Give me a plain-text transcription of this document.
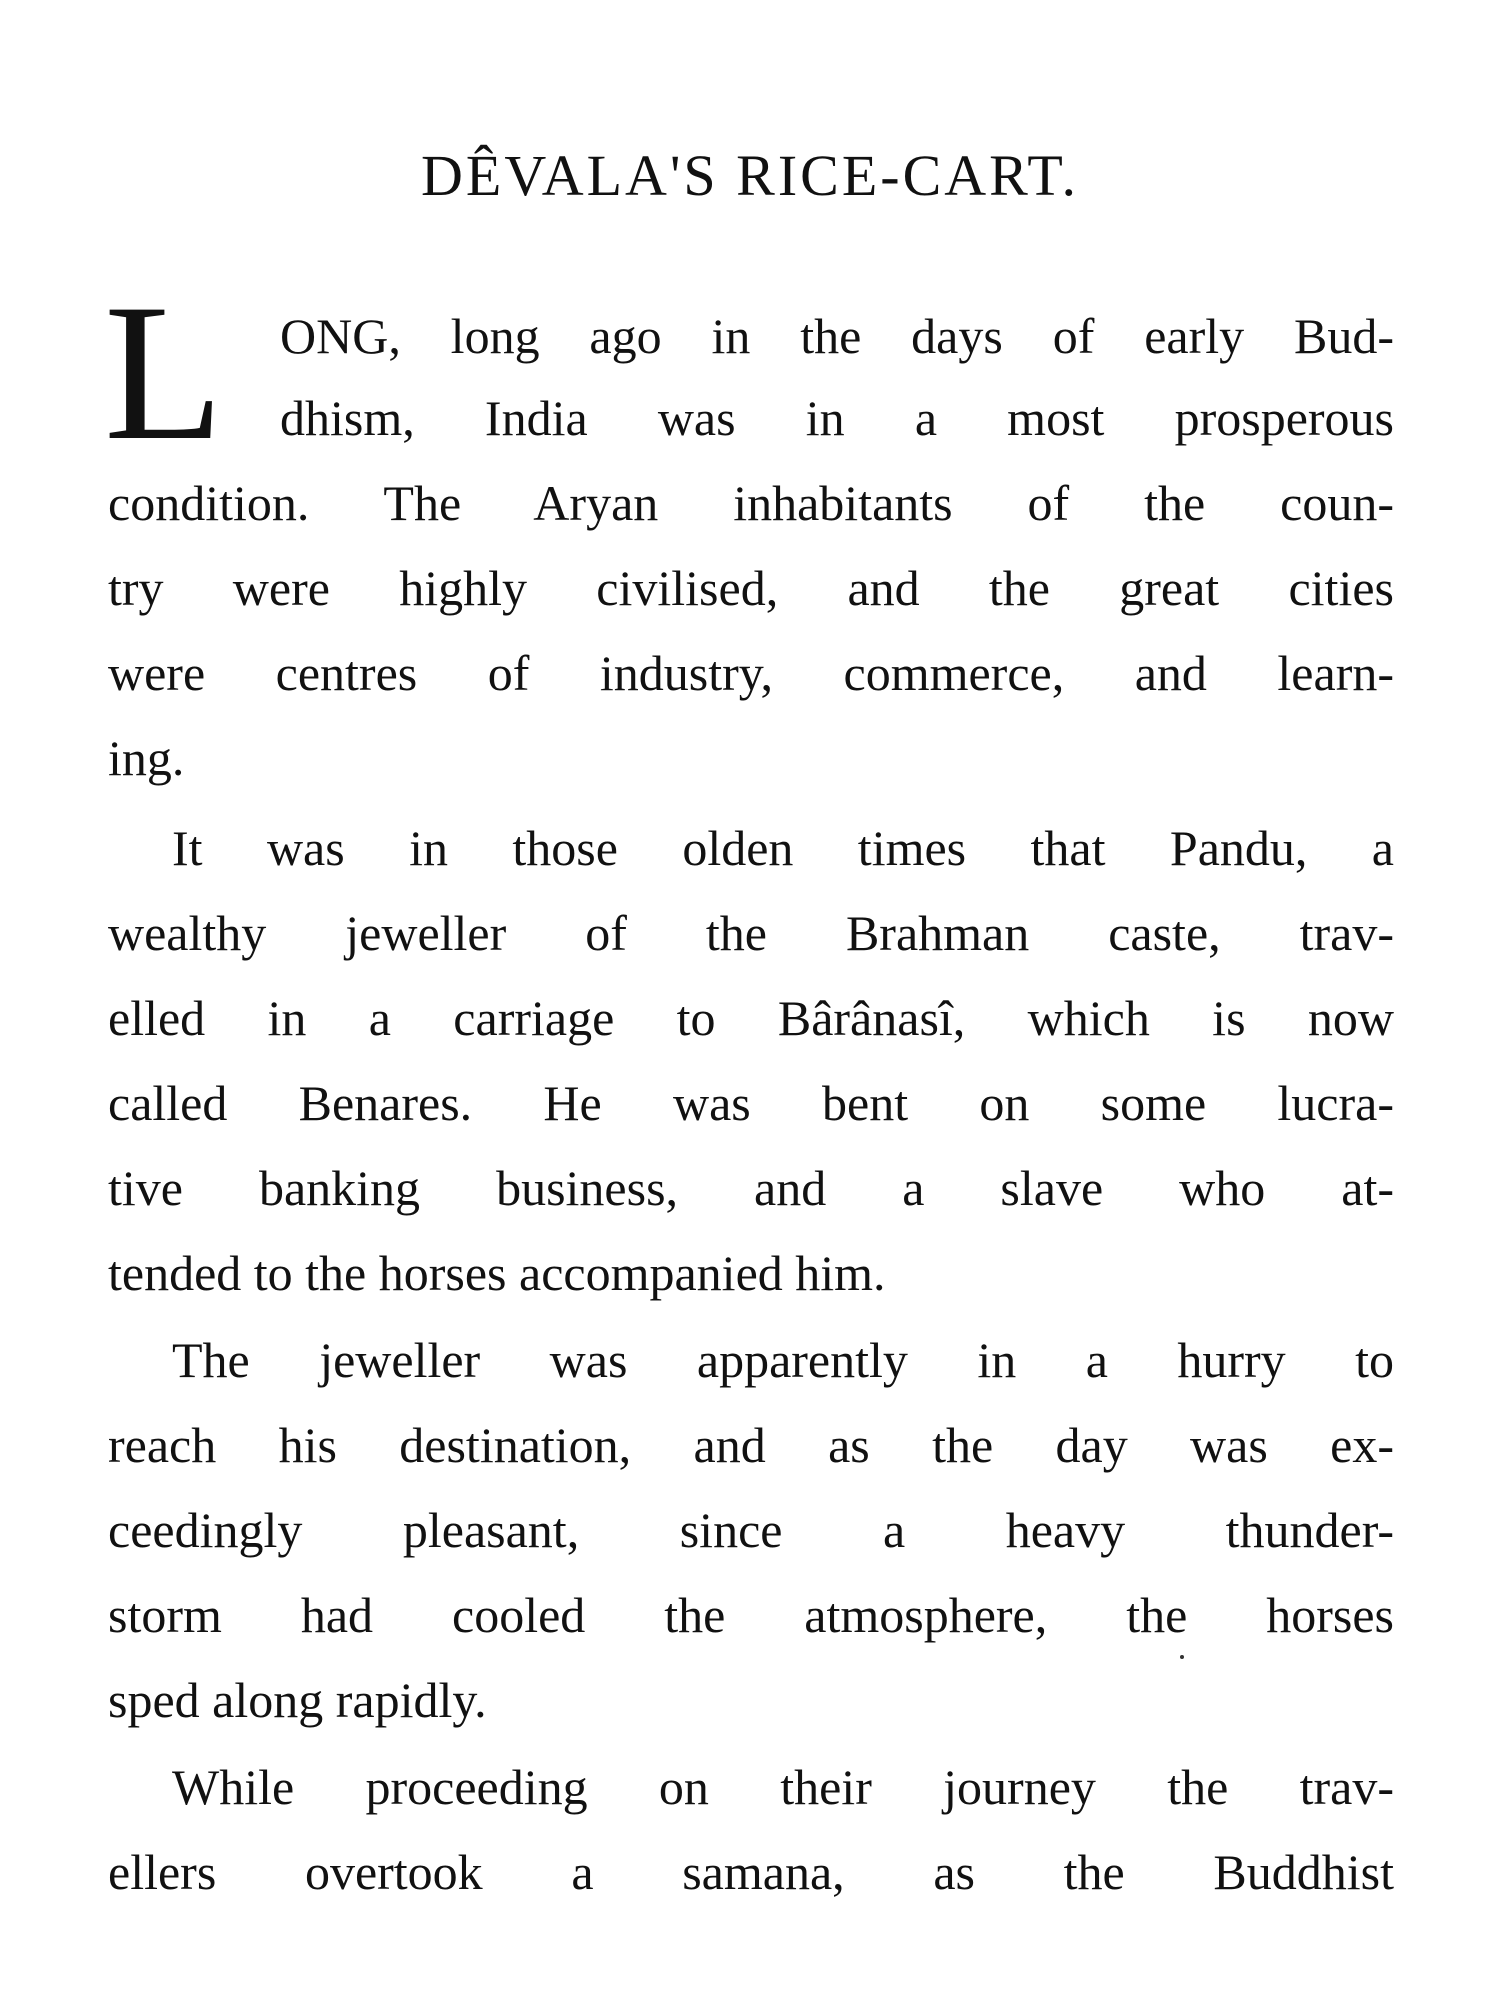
DÊVALA'S RICE-CART.
L ONG, long ago in the days of early Bud-
dhism, India was in a most prosperous
condition. The Aryan inhabitants of the coun-
try were highly civilised, and the great cities
were centres of industry, commerce, and learn-
ing.
It was in those olden times that Pandu, a
wealthy jeweller of the Brahman caste, trav-
elled in a carriage to Bârânasî, which is now
called Benares. He was bent on some lucra-
tive banking business, and a slave who at-
tended to the horses accompanied him.
The jeweller was apparently in a hurry to
reach his destination, and as the day was ex-
ceedingly pleasant, since a heavy thunder-
storm had cooled the atmosphere, the horses
sped along rapidly.
While proceeding on their journey the trav-
ellers overtook a samana, as the Buddhist
